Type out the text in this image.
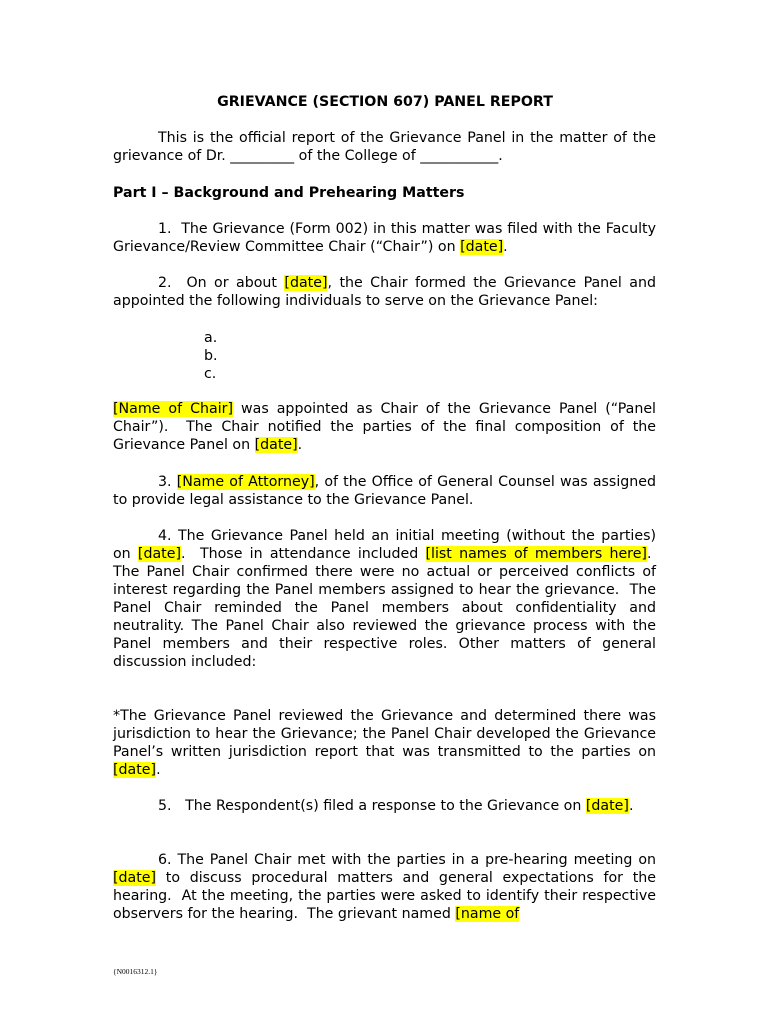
GRIEVANCE (SECTION 607) PANEL REPORT

This is the official report of the Grievance Panel in the matter of the grievance of Dr. _________ of the College of ___________.

Part I – Background and Prehearing Matters

1.  The Grievance (Form 002) in this matter was filed with the Faculty Grievance/Review Committee Chair (“Chair”) on [date].

2.  On or about [date], the Chair formed the Grievance Panel and appointed the following individuals to serve on the Grievance Panel:

a.
b.
c.

[Name of Chair] was appointed as Chair of the Grievance Panel (“Panel Chair”).  The Chair notified the parties of the final composition of the Grievance Panel on [date].

3. [Name of Attorney], of the Office of General Counsel was assigned to provide legal assistance to the Grievance Panel.

4. The Grievance Panel held an initial meeting (without the parties) on [date].  Those in attendance included [list names of members here].  The Panel Chair confirmed there were no actual or perceived conflicts of interest regarding the Panel members assigned to hear the grievance.  The Panel Chair reminded the Panel members about confidentiality and neutrality. The Panel Chair also reviewed the grievance process with the Panel members and their respective roles. Other matters of general discussion included:

*The Grievance Panel reviewed the Grievance and determined there was jurisdiction to hear the Grievance; the Panel Chair developed the Grievance Panel’s written jurisdiction report that was transmitted to the parties on [date].

5.   The Respondent(s) filed a response to the Grievance on [date].

6. The Panel Chair met with the parties in a pre-hearing meeting on [date] to discuss procedural matters and general expectations for the hearing.  At the meeting, the parties were asked to identify their respective observers for the hearing.  The grievant named [name of

{N0016312.1}
